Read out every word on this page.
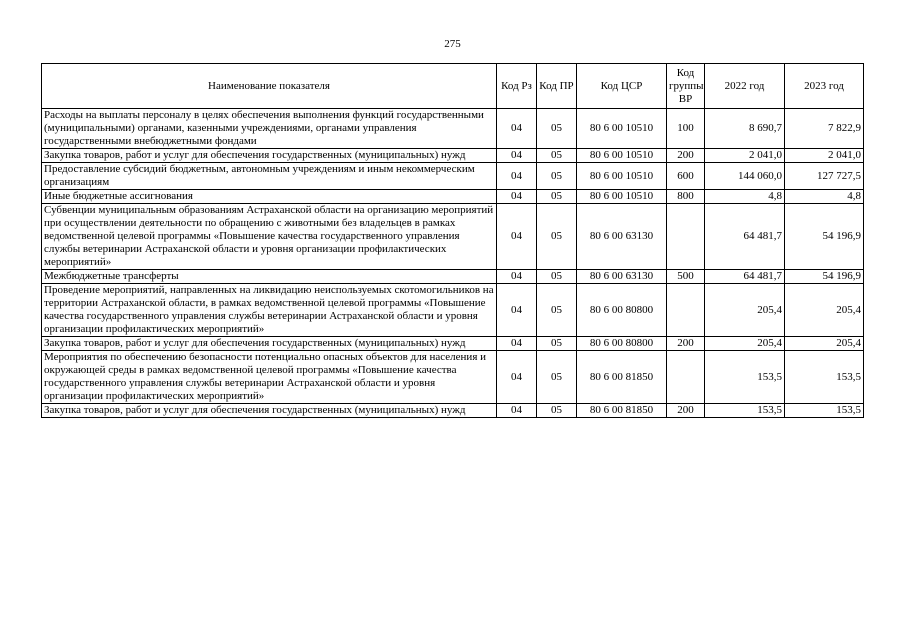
275
Наименование показателя	Код Рз	Код ПР	Код ЦСР	Код группы ВР	2022 год	2023 год
Расходы на выплаты персоналу в целях обеспечения выполнения функций государственными (муниципальными) органами, казенными учреждениями, органами управления государственными внебюджетными фондами	04	05	80 6 00 10510	100	8 690,7	7 822,9
Закупка товаров, работ и услуг для обеспечения государственных (муниципальных) нужд	04	05	80 6 00 10510	200	2 041,0	2 041,0
Предоставление субсидий бюджетным, автономным учреждениям и иным некоммерческим организациям	04	05	80 6 00 10510	600	144 060,0	127 727,5
Иные бюджетные ассигнования	04	05	80 6 00 10510	800	4,8	4,8
Субвенции муниципальным образованиям Астраханской области на организацию мероприятий при осуществлении деятельности по обращению с животными без владельцев в рамках ведомственной целевой программы «Повышение качества государственного управления службы ветеринарии Астраханской области и уровня организации профилактических мероприятий»	04	05	80 6 00 63130		64 481,7	54 196,9
Межбюджетные трансферты	04	05	80 6 00 63130	500	64 481,7	54 196,9
Проведение мероприятий, направленных на ликвидацию неиспользуемых скотомогильников на территории Астраханской области, в рамках ведомственной целевой программы «Повышение качества государственного управления службы ветеринарии Астраханской области и уровня организации профилактических мероприятий»	04	05	80 6 00 80800		205,4	205,4
Закупка товаров, работ и услуг для обеспечения государственных (муниципальных) нужд	04	05	80 6 00 80800	200	205,4	205,4
Мероприятия по обеспечению безопасности потенциально опасных объектов для населения и окружающей среды в рамках ведомственной целевой программы «Повышение качества государственного управления службы ветеринарии Астраханской области и уровня организации профилактических мероприятий»	04	05	80 6 00 81850		153,5	153,5
Закупка товаров, работ и услуг для обеспечения государственных (муниципальных) нужд	04	05	80 6 00 81850	200	153,5	153,5
